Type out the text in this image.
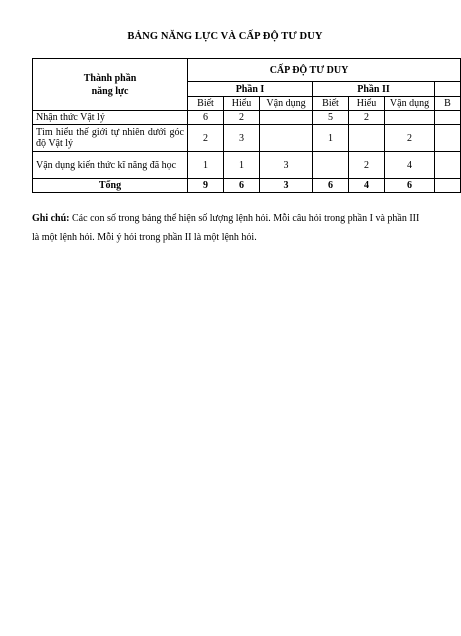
BẢNG NĂNG LỰC VÀ CẤP ĐỘ TƯ DUY
Thành phần
năng lực	CẤP ĐỘ TƯ DUY						
	Phần I			Phần II			
	Biết	Hiểu	Vận dụng	Biết	Hiểu	Vận dụng	B
Nhận thức Vật lý	6	2		5	2		
Tìm hiểu thế giới tự nhiên dưới góc độ Vật lý	2	3		1		2	
Vận dụng kiến thức kĩ năng đã học	1	1	3		2	4	
Tổng	9	6	3	6	4	6	
Ghi chú: Các con số trong bảng thể hiện số lượng lệnh hỏi. Mỗi câu hỏi trong phần I và phần III là một lệnh hỏi. Mỗi ý hỏi trong phần II là một lệnh hỏi.
